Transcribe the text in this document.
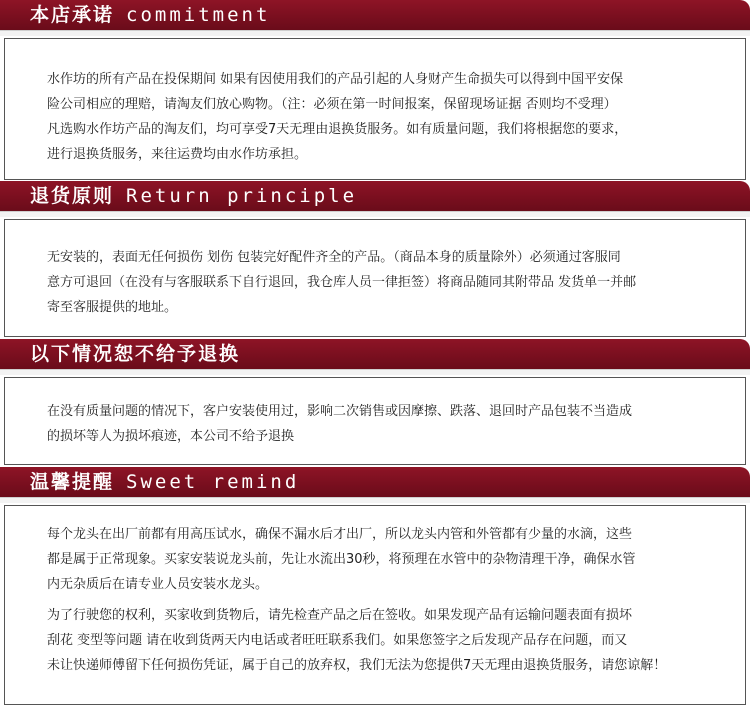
本店承诺 commitment

水作坊的所有产品在投保期间 如果有因使用我们的产品引起的人身财产生命损失可以得到中国平安保

险公司相应的理赔，请淘友们放心购物。（注：必须在第一时间报案，保留现场证据 否则均不受理）

凡选购水作坊产品的淘友们，均可享受7天无理由退换货服务。如有质量问题，我们将根据您的要求，

进行退换货服务，来往运费均由水作坊承担。

退货原则 Return principle

无安装的，表面无任何损伤 划伤 包装完好配件齐全的产品。（商品本身的质量除外）必须通过客服同

意方可退回（在没有与客服联系下自行退回，我仓库人员一律拒签）将商品随同其附带品 发货单一并邮

寄至客服提供的地址。

以下情况恕不给予退换

在没有质量问题的情况下，客户安装使用过，影响二次销售或因摩擦、跌落、退回时产品包装不当造成

的损坏等人为损坏痕迹，本公司不给予退换

温馨提醒 Sweet remind

每个龙头在出厂前都有用高压试水，确保不漏水后才出厂，所以龙头内管和外管都有少量的水滴，这些

都是属于正常现象。买家安装说龙头前，先让水流出30秒，将预理在水管中的杂物清理干净，确保水管

内无杂质后在请专业人员安装水龙头。

为了行驶您的权利，买家收到货物后，请先检查产品之后在签收。如果发现产品有运输问题表面有损坏

刮花 变型等问题 请在收到货两天内电话或者旺旺联系我们。如果您签字之后发现产品存在问题，而又

未让快递师傅留下任何损伤凭证，属于自己的放弃权，我们无法为您提供7天无理由退换货服务，请您谅解！
